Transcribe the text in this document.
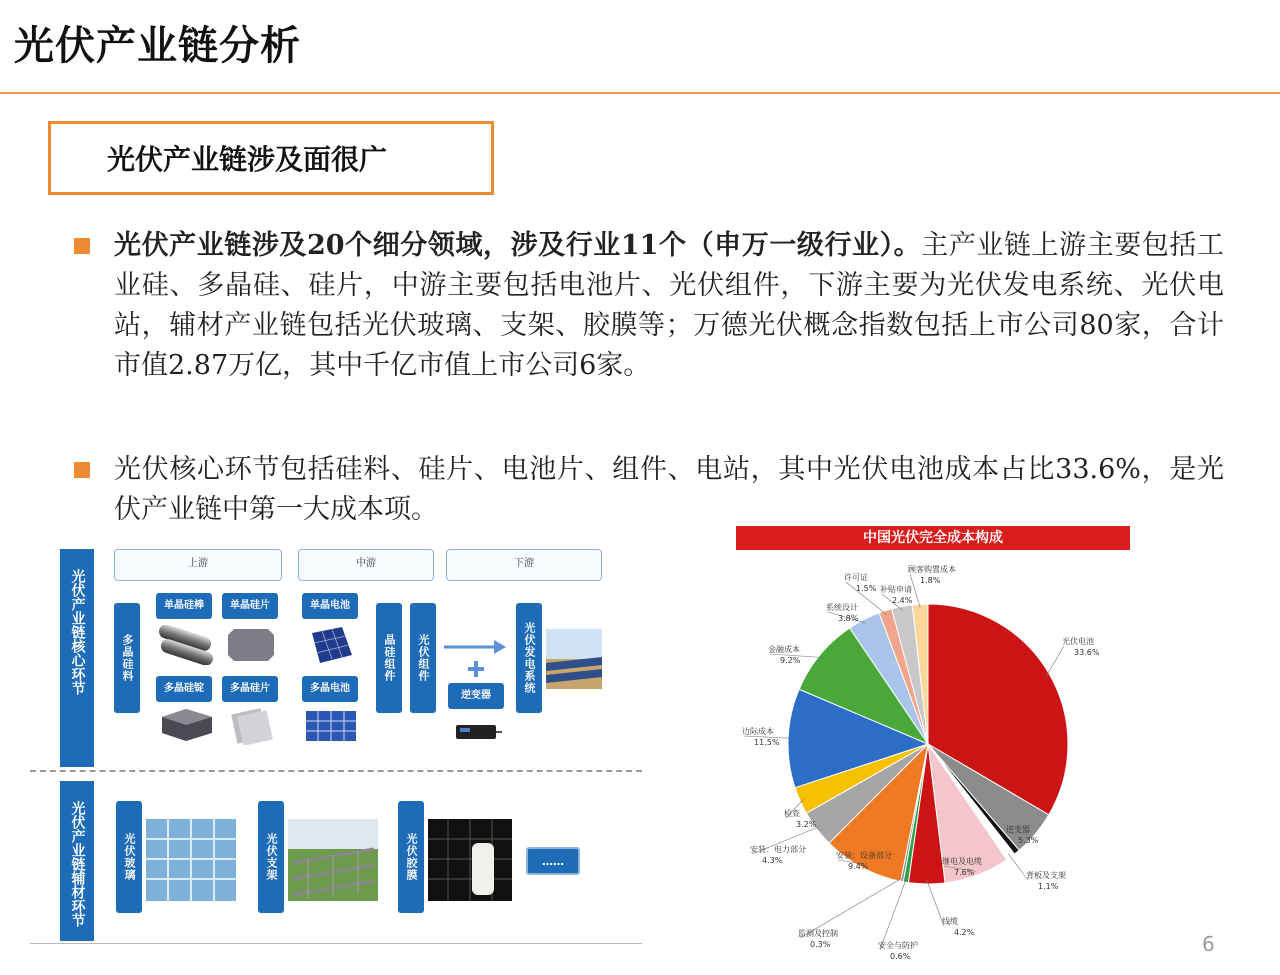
光伏产业链分析
光伏产业链涉及面很广
光伏产业链涉及20个细分领域，涉及行业11个（申万一级行业）。主产业链上游主要包括工业硅、多晶硅、硅片，中游主要包括电池片、光伏组件，下游主要为光伏发电系统、光伏电站，辅材产业链包括光伏玻璃、支架、胶膜等；万德光伏概念指数包括上市公司80家，合计市值2.87万亿，其中千亿市值上市公司6家。
光伏核心环节包括硅料、硅片、电池片、组件、电站，其中光伏电池成本占比33.6%，是光伏产业链中第一大成本项。
光伏产业链核心环节
上游	中游	下游
多晶硅料
单晶硅棒	单晶硅片
多晶硅锭	多晶硅片
单晶电池
多晶电池
晶硅组件	光伏组件
逆变器
光伏发电系统
光伏产业链辅材环节	光伏玻璃	光伏支架	光伏胶膜	……
中国光伏完全成本构成
光伏电池
33.6%
逆变器
5.3%
背板及支架
1.1%
继电及电缆
7.6%
线缆
4.2%
安全与防护
0.6%
监测及控制
0.3%
安装：设备部分
9.4%
安装：电力部分
4.3%
检查
3.2%
边际成本
11.5%
金融成本
9.2%
系统设计
3.8%
许可证
1.5% 补贴申请
2.4%
顾客购置成本
1.8%
6
